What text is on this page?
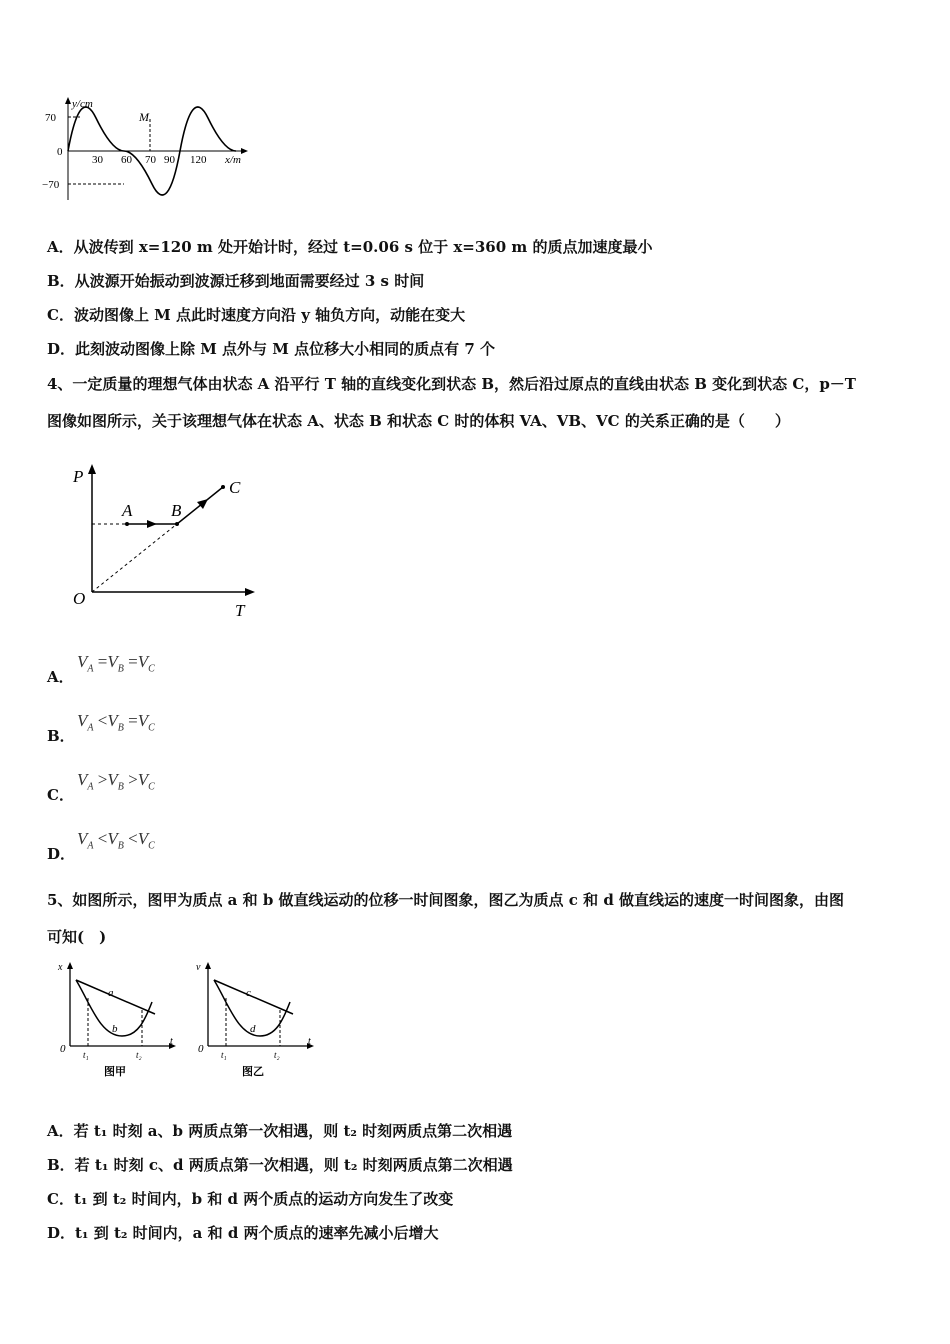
70
0
−70
y/cm
30 60 70 90 120 x/m
M
A．从波传到 x=120 m 处开始计时，经过 t=0.06 s 位于 x=360 m 的质点加速度最小
B．从波源开始振动到波源迁移到地面需要经过 3 s 时间
C．波动图像上 M 点此时速度方向沿 y 轴负方向，动能在变大
D．此刻波动图像上除 M 点外与 M 点位移大小相同的质点有 7 个
4、一定质量的理想气体由状态 A 沿平行 T 轴的直线变化到状态 B，然后沿过原点的直线由状态 B 变化到状态 C，p－T
图像如图所示，关于该理想气体在状态 A、状态 B 和状态 C 时的体积 VA、VB、VC 的关系正确的是（　　）
P
T
O
A B
C
A．
$V_A =V_B =V_C$
B．
$V_A <V_B =V_C$
C．
$V_A >V_B >V_C$
D．
$V_A <V_B <V_C$
5、如图所示，图甲为质点 a 和 b 做直线运动的位移一时间图象，图乙为质点 c 和 d 做直线运的速度一时间图象，由图
可知(　)
x
t
0 t₁	t₂
a
b
图甲
v
t
0 t₁	t₂
c
d
图乙
A．若 t₁ 时刻 a、b 两质点第一次相遇，则 t₂ 时刻两质点第二次相遇
B．若 t₁ 时刻 c、d 两质点第一次相遇，则 t₂ 时刻两质点第二次相遇
C．t₁ 到 t₂ 时间内，b 和 d 两个质点的运动方向发生了改变
D．t₁ 到 t₂ 时间内，a 和 d 两个质点的速率先减小后增大
